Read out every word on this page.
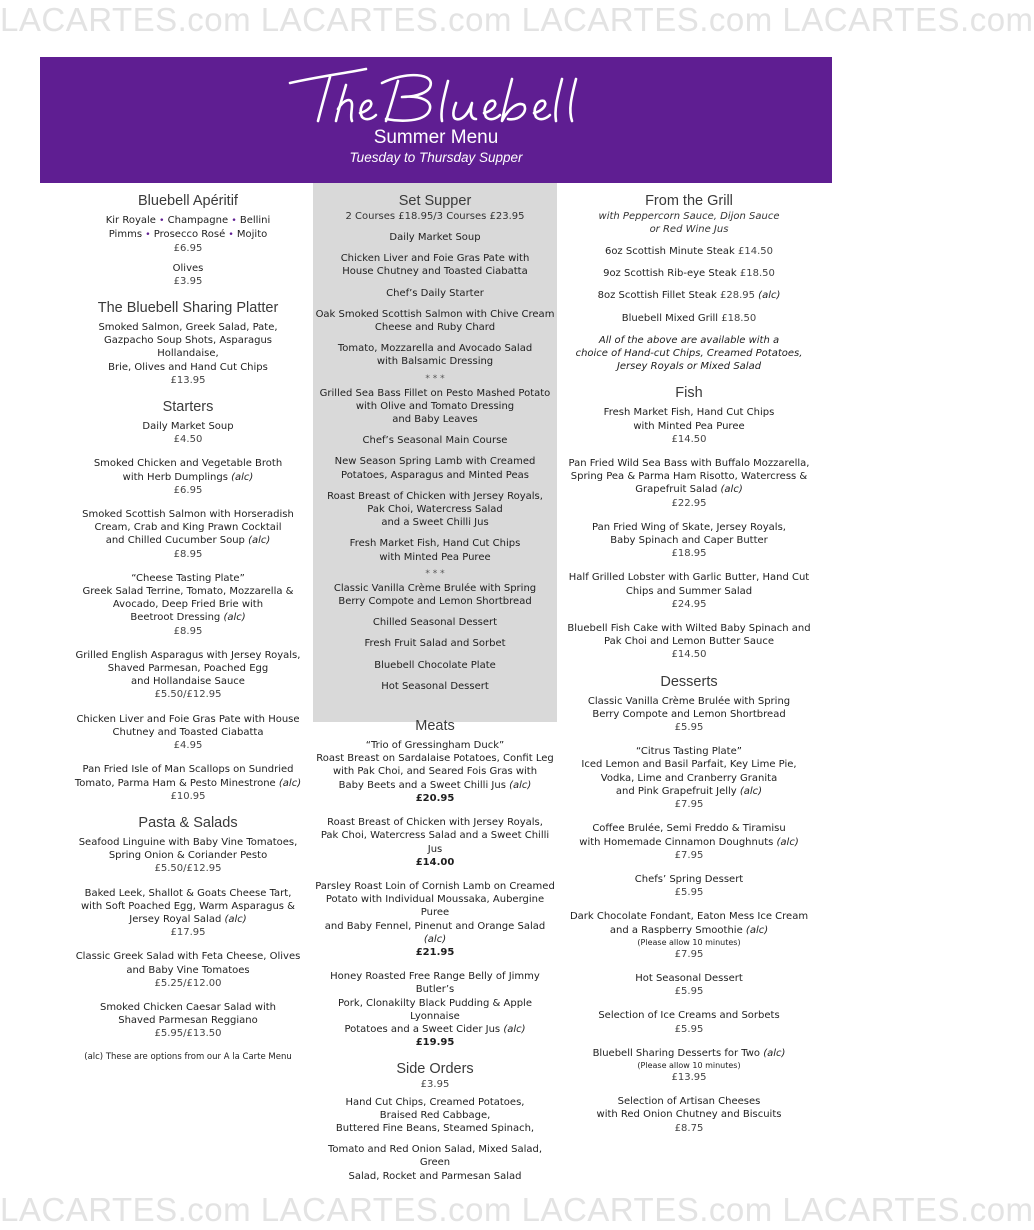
LACARTES.com LACARTES.com LACARTES.com LACARTES.com
LACARTES.com LACARTES.com LACARTES.com LACARTES.com
Summer Menu
Tuesday to Thursday Supper
Bluebell Apéritif
Kir Royale • Champagne • Bellini
Pimms • Prosecco Rosé • Mojito
£6.95
Olives
£3.95
The Bluebell Sharing Platter
Smoked Salmon, Greek Salad, Pate,
Gazpacho Soup Shots, Asparagus Hollandaise,
Brie, Olives and Hand Cut Chips
£13.95
Starters
Daily Market Soup
£4.50
Smoked Chicken and Vegetable Broth
with Herb Dumplings (alc)
£6.95
Smoked Scottish Salmon with Horseradish
Cream, Crab and King Prawn Cocktail
and Chilled Cucumber Soup (alc)
£8.95
“Cheese Tasting Plate”
Greek Salad Terrine, Tomato, Mozzarella &
Avocado, Deep Fried Brie with
Beetroot Dressing (alc)
£8.95
Grilled English Asparagus with Jersey Royals,
Shaved Parmesan, Poached Egg
and Hollandaise Sauce
£5.50/£12.95
Chicken Liver and Foie Gras Pate with House
Chutney and Toasted Ciabatta
£4.95
Pan Fried Isle of Man Scallops on Sundried
Tomato, Parma Ham & Pesto Minestrone (alc)
£10.95
Pasta & Salads
Seafood Linguine with Baby Vine Tomatoes,
Spring Onion & Coriander Pesto
£5.50/£12.95
Baked Leek, Shallot & Goats Cheese Tart,
with Soft Poached Egg, Warm Asparagus &
Jersey Royal Salad (alc)
£17.95
Classic Greek Salad with Feta Cheese, Olives
and Baby Vine Tomatoes
£5.25/£12.00
Smoked Chicken Caesar Salad with
Shaved Parmesan Reggiano
£5.95/£13.50
(alc) These are options from our A la Carte Menu
Set Supper
2 Courses £18.95/3 Courses £23.95
Daily Market Soup
Chicken Liver and Foie Gras Pate with
House Chutney and Toasted Ciabatta
Chef’s Daily Starter
Oak Smoked Scottish Salmon with Chive Cream
Cheese and Ruby Chard
Tomato, Mozzarella and Avocado Salad
with Balsamic Dressing
* * *
Grilled Sea Bass Fillet on Pesto Mashed Potato
with Olive and Tomato Dressing
and Baby Leaves
Chef’s Seasonal Main Course
New Season Spring Lamb with Creamed
Potatoes, Asparagus and Minted Peas
Roast Breast of Chicken with Jersey Royals,
Pak Choi, Watercress Salad
and a Sweet Chilli Jus
Fresh Market Fish, Hand Cut Chips
with Minted Pea Puree
* * *
Classic Vanilla Crème Brulée with Spring
Berry Compote and Lemon Shortbread
Chilled Seasonal Dessert
Fresh Fruit Salad and Sorbet
Bluebell Chocolate Plate
Hot Seasonal Dessert
Meats
“Trio of Gressingham Duck”
Roast Breast on Sardalaise Potatoes, Confit Leg
with Pak Choi, and Seared Fois Gras with
Baby Beets and a Sweet Chilli Jus (alc)
£20.95
Roast Breast of Chicken with Jersey Royals,
Pak Choi, Watercress Salad and a Sweet Chilli Jus
£14.00
Parsley Roast Loin of Cornish Lamb on Creamed
Potato with Individual Moussaka, Aubergine Puree
and Baby Fennel, Pinenut and Orange Salad (alc)
£21.95
Honey Roasted Free Range Belly of Jimmy Butler’s
Pork, Clonakilty Black Pudding & Apple Lyonnaise
Potatoes and a Sweet Cider Jus (alc)
£19.95
Side Orders
£3.95
Hand Cut Chips, Creamed Potatoes,
Braised Red Cabbage,
Buttered Fine Beans, Steamed Spinach,
Tomato and Red Onion Salad, Mixed Salad, Green
Salad, Rocket and Parmesan Salad
From the Grill
with Peppercorn Sauce, Dijon Sauce
or Red Wine Jus
6oz Scottish Minute Steak £14.50
9oz Scottish Rib-eye Steak £18.50
8oz Scottish Fillet Steak £28.95 (alc)
Bluebell Mixed Grill £18.50
All of the above are available with a
choice of Hand-cut Chips, Creamed Potatoes,
Jersey Royals or Mixed Salad
Fish
Fresh Market Fish, Hand Cut Chips
with Minted Pea Puree
£14.50
Pan Fried Wild Sea Bass with Buffalo Mozzarella,
Spring Pea & Parma Ham Risotto, Watercress &
Grapefruit Salad (alc)
£22.95
Pan Fried Wing of Skate, Jersey Royals,
Baby Spinach and Caper Butter
£18.95
Half Grilled Lobster with Garlic Butter, Hand Cut
Chips and Summer Salad
£24.95
Bluebell Fish Cake with Wilted Baby Spinach and
Pak Choi and Lemon Butter Sauce
£14.50
Desserts
Classic Vanilla Crème Brulée with Spring
Berry Compote and Lemon Shortbread
£5.95
“Citrus Tasting Plate”
Iced Lemon and Basil Parfait, Key Lime Pie,
Vodka, Lime and Cranberry Granita
and Pink Grapefruit Jelly (alc)
£7.95
Coffee Brulée, Semi Freddo & Tiramisu
with Homemade Cinnamon Doughnuts (alc)
£7.95
Chefs’ Spring Dessert
£5.95
Dark Chocolate Fondant, Eaton Mess Ice Cream
and a Raspberry Smoothie (alc)
(Please allow 10 minutes)
£7.95
Hot Seasonal Dessert
£5.95
Selection of Ice Creams and Sorbets
£5.95
Bluebell Sharing Desserts for Two (alc)
(Please allow 10 minutes)
£13.95
Selection of Artisan Cheeses
with Red Onion Chutney and Biscuits
£8.75
